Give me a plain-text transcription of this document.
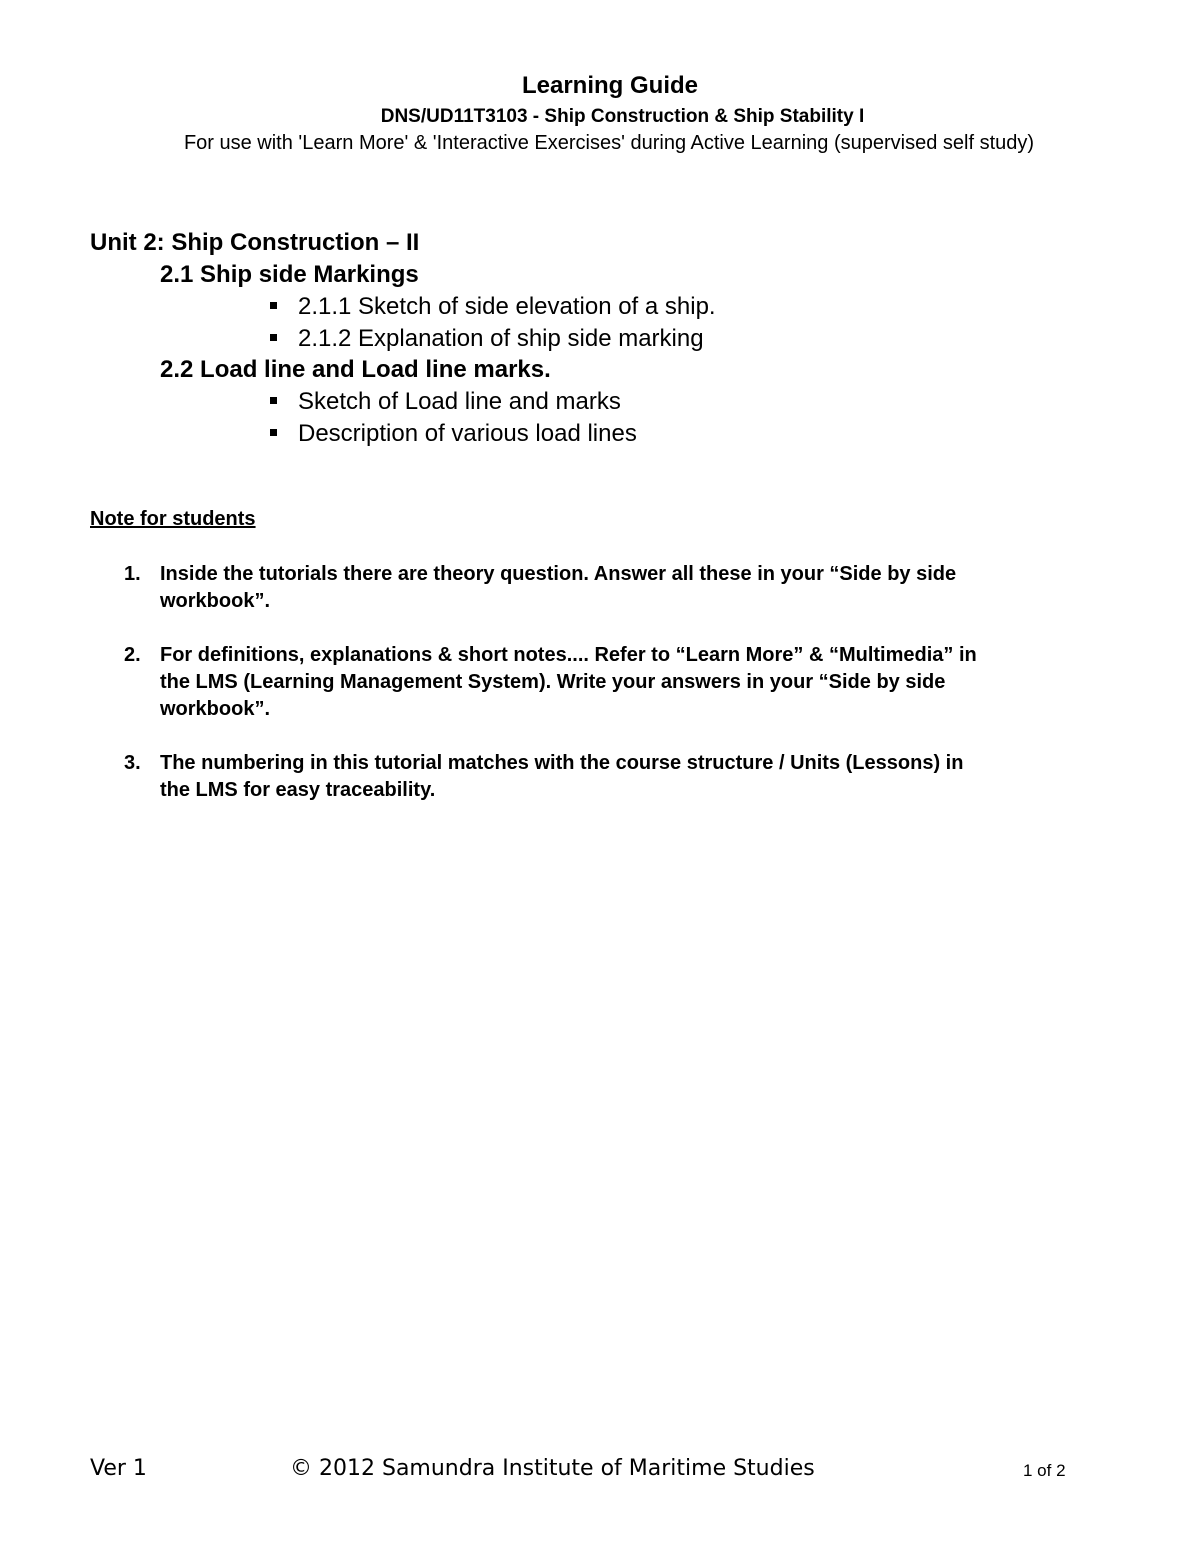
Learning Guide
DNS/UD11T3103 - Ship Construction & Ship Stability I
For use with 'Learn More' & 'Interactive Exercises' during Active Learning (supervised self study)
Unit 2: Ship Construction – II
2.1 Ship side Markings
2.1.1 Sketch of side elevation of a ship.
2.1.2 Explanation of ship side marking
2.2 Load line and Load line marks.
Sketch of Load line and marks
Description of various load lines
Note for students
1. Inside the tutorials there are theory question. Answer all these in your “Side by side
workbook”.
2. For definitions, explanations & short notes.... Refer to “Learn More” & “Multimedia” in
the LMS (Learning Management System). Write your answers in your “Side by side
workbook”.
3. The numbering in this tutorial matches with the course structure / Units (Lessons) in
the LMS for easy traceability.
Ver 1	© 2012 Samundra Institute of Maritime Studies	1 of 2
